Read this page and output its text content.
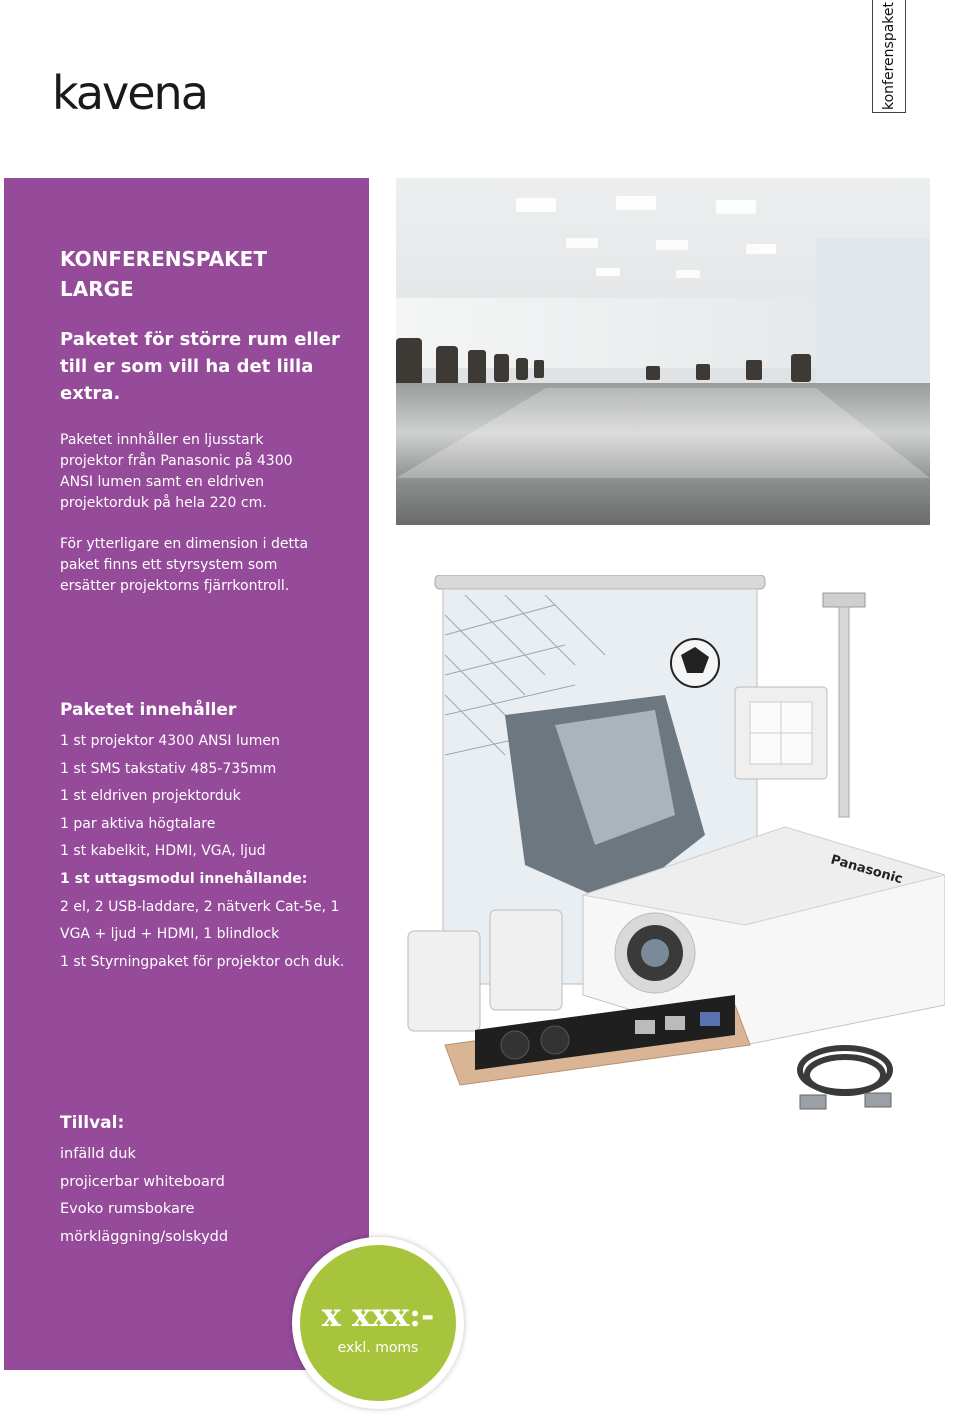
konferenspaket
kavena
KONFERENSPAKET
LARGE
Paketet för större rum eller till er som vill ha det lilla extra.
Paketet innhåller en ljusstark projektor från Panasonic på 4300 ANSI lumen samt en eldriven projektorduk på hela 220 cm.
För ytterligare en dimension i detta paket finns ett styrsystem som ersätter projektorns fjärrkontroll.
Paketet innehåller
1 st projektor 4300 ANSI lumen
1 st SMS takstativ 485-735mm
1 st eldriven projektorduk
1 par aktiva högtalare
1 st kabelkit, HDMI, VGA, ljud
1 st uttagsmodul innehållande:
2 el, 2 USB-laddare, 2 nätverk Cat-5e, 1 VGA + ljud + HDMI, 1 blindlock
1 st Styrningpaket för projektor och duk.
Tillval:
infälld duk
projicerbar whiteboard
Evoko rumsbokare
mörkläggning/solskydd
x xxx:-
exkl. moms
Panasonic
